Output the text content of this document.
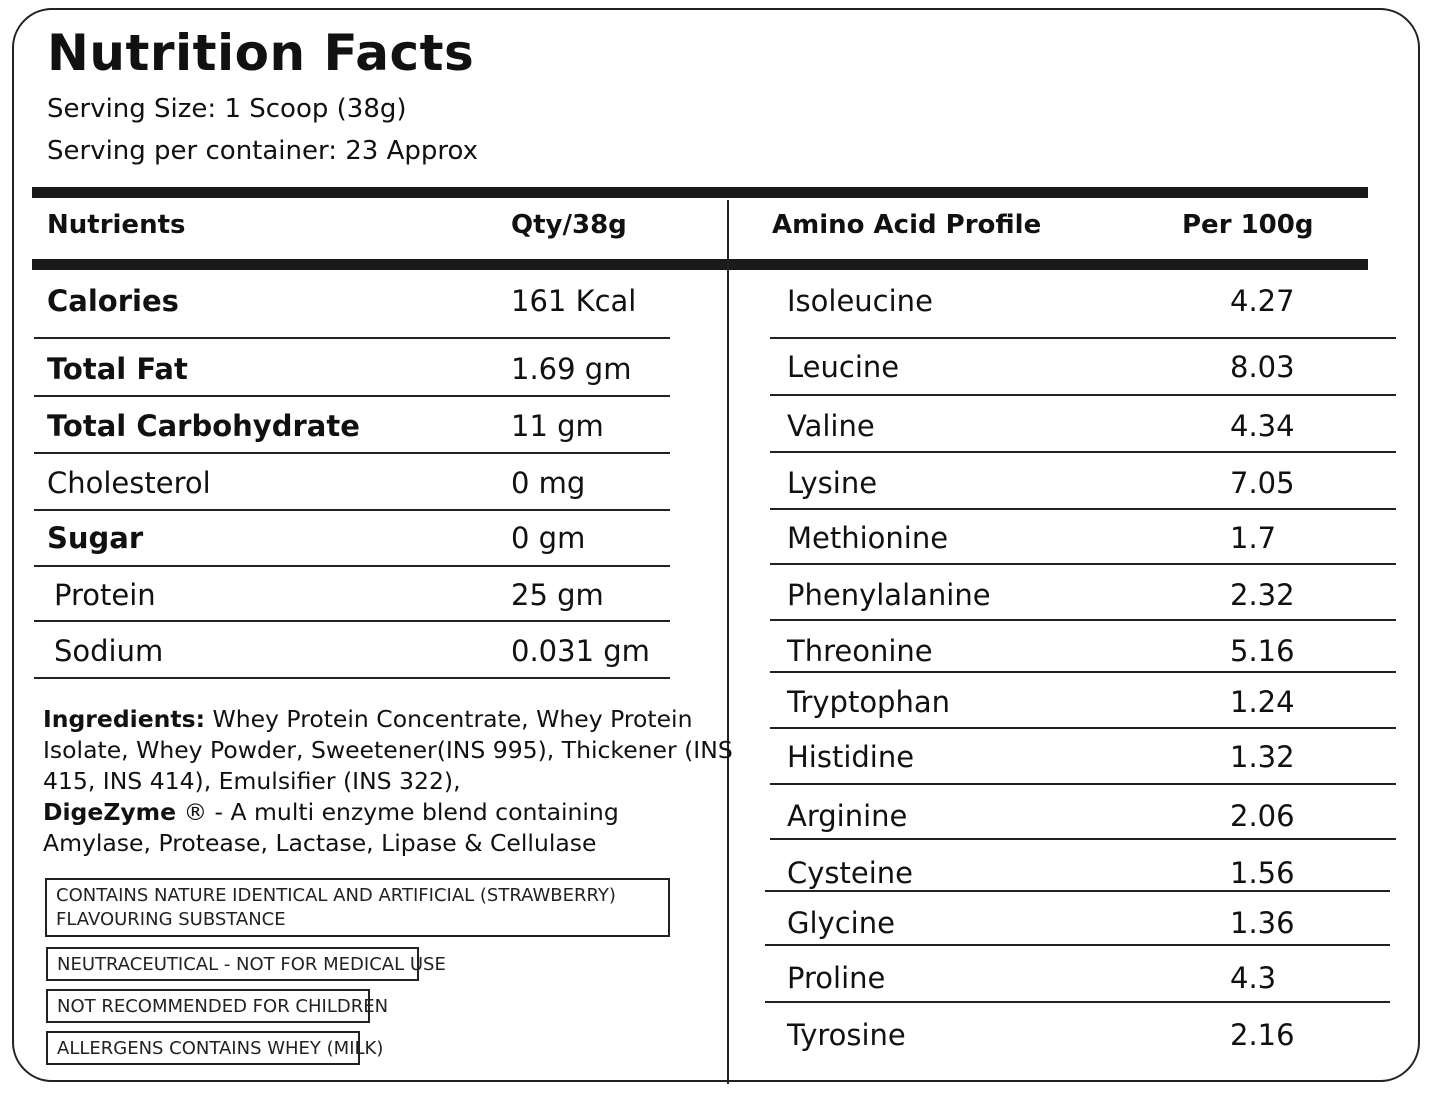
Nutrition Facts
Serving Size: 1 Scoop (38g)
Serving per container: 23 Approx
Nutrients	Qty/38g	Amino Acid Profile	Per 100g
Calories	161 Kcal
Total Fat	1.69 gm
Total Carbohydrate	11 gm
Cholesterol	0 mg
Sugar	0 gm
Protein	25 gm
Sodium	0.031 gm
Isoleucine	4.27
Leucine	8.03
Valine	4.34
Lysine	7.05
Methionine	1.7
Phenylalanine	2.32
Threonine	5.16
Tryptophan	1.24
Histidine	1.32
Arginine	2.06
Cysteine	1.56
Glycine	1.36
Proline	4.3
Tyrosine	2.16
Ingredients: Whey Protein Concentrate, Whey Protein Isolate, Whey Powder, Sweetener(INS 995), Thickener (INS 415, INS 414), Emulsifier (INS 322),
DigeZyme ® - A multi enzyme blend containing Amylase, Protease, Lactase, Lipase & Cellulase
CONTAINS NATURE IDENTICAL AND ARTIFICIAL (STRAWBERRY) FLAVOURING SUBSTANCE
NEUTRACEUTICAL - NOT FOR MEDICAL USE
NOT RECOMMENDED FOR CHILDREN
ALLERGENS CONTAINS WHEY (MILK)
